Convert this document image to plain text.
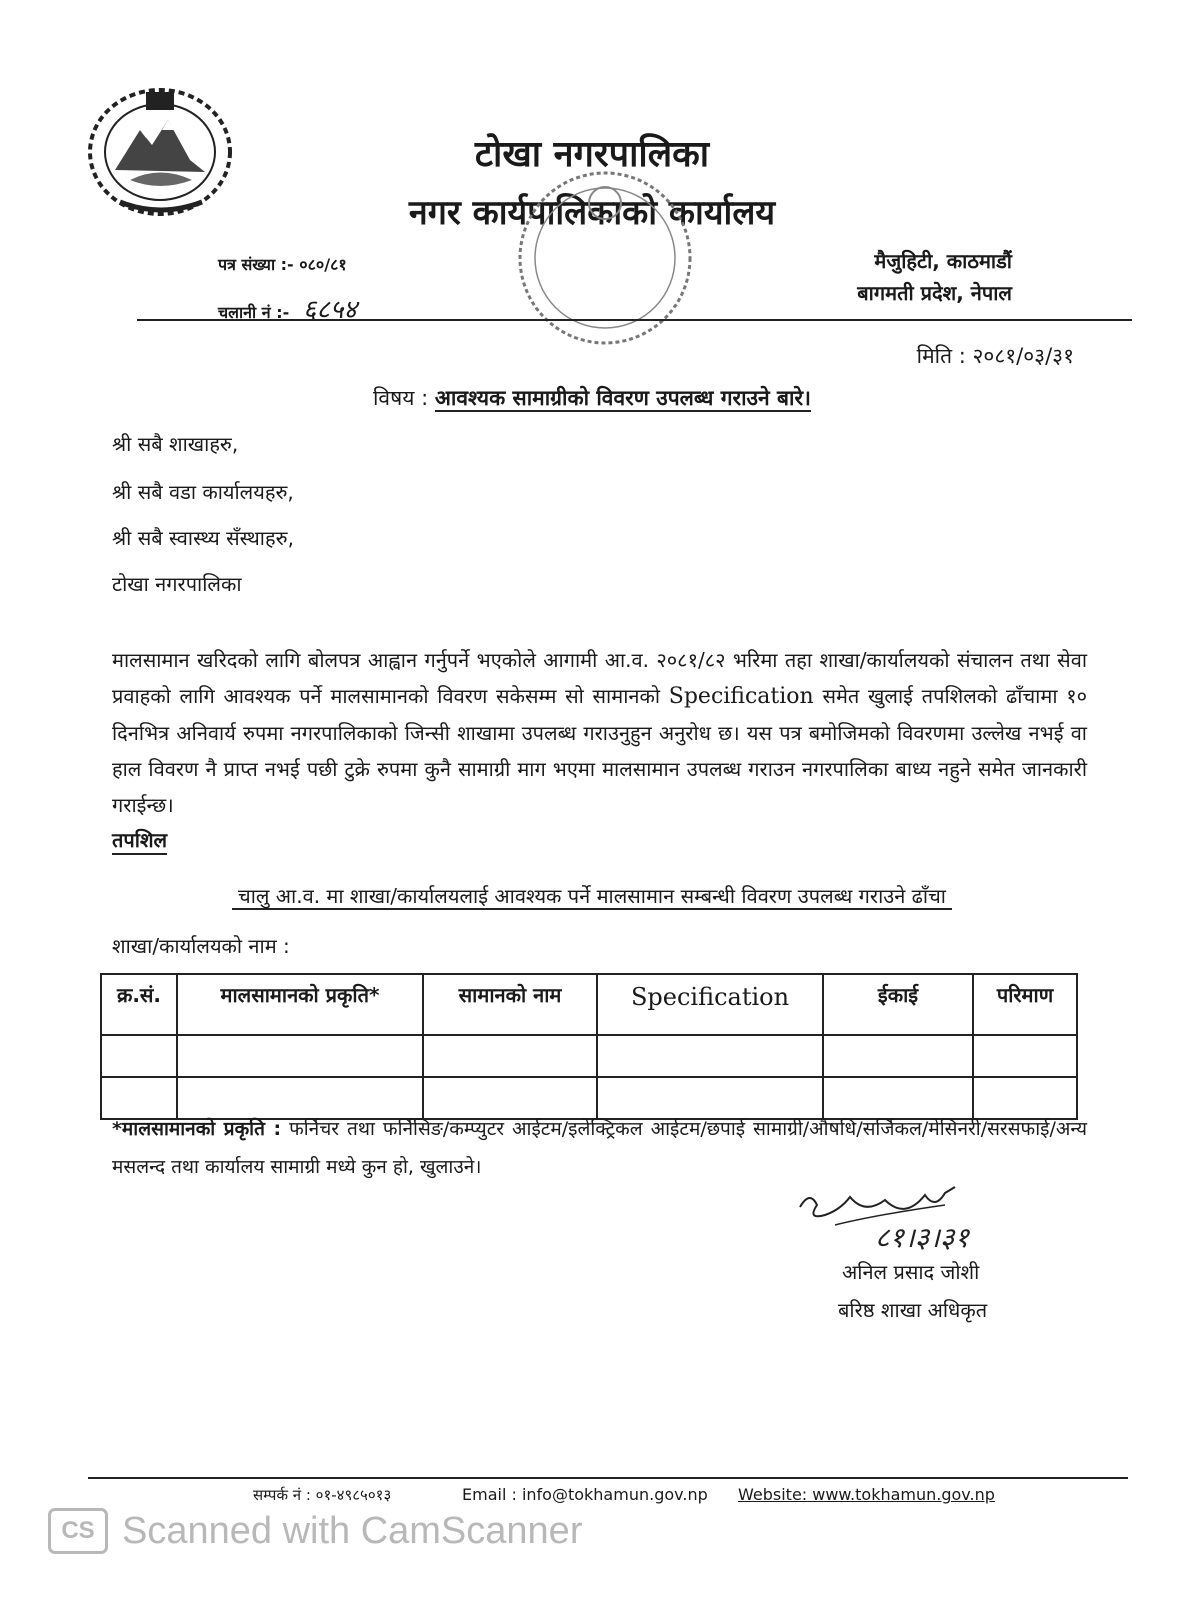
टोखा नगरपालिका
नगर कार्यपालिकाको कार्यालय
पत्र संख्या :- ०८०/८१
चलानी नं :- ६८५४
मैजुहिटी, काठमाडौं
बागमती प्रदेश, नेपाल
मिति : २०८१/०३/३१
विषय : आवश्यक सामाग्रीको विवरण उपलब्ध गराउने बारे।
श्री सबै शाखाहरु,
श्री सबै वडा कार्यालयहरु,
श्री सबै स्वास्थ्य सँस्थाहरु,
टोखा नगरपालिका
मालसामान खरिदको लागि बोलपत्र आह्वान गर्नुपर्ने भएकोले आगामी आ.व. २०८१/८२ भरिमा तहा शाखा/कार्यालयको संचालन तथा सेवा प्रवाहको लागि आवश्यक पर्ने मालसामानको विवरण सकेसम्म सो सामानको Specification समेत खुलाई तपशिलको ढाँचामा १० दिनभित्र अनिवार्य रुपमा नगरपालिकाको जिन्सी शाखामा उपलब्ध गराउनुहुन अनुरोध छ। यस पत्र बमोजिमको विवरणमा उल्लेख नभई वा हाल विवरण नै प्राप्त नभई पछी टुक्रे रुपमा कुनै सामाग्री माग भएमा मालसामान उपलब्ध गराउन नगरपालिका बाध्य नहुने समेत जानकारी गराईन्छ।
तपशिल
चालु आ.व. मा शाखा/कार्यालयलाई आवश्यक पर्ने मालसामान सम्बन्धी विवरण उपलब्ध गराउने ढाँचा
शाखा/कार्यालयको नाम :
क्र.सं.	मालसामानको प्रकृति*	सामानको नाम	Specification	ईकाई	परिमाण

*मालसामानको प्रकृति : फर्निचर तथा फर्निसिङ/कम्प्युटर आईटम/इलेक्ट्रिकल आईटम/छपाई सामाग्री/औषधि/सर्जिकल/मेसिनरी/सरसफाई/अन्य मसलन्द तथा कार्यालय सामाग्री मध्ये कुन हो, खुलाउने।
८१।३।३१
अनिल प्रसाद जोशी
बरिष्ठ शाखा अधिकृत
सम्पर्क नं : ०१-४९८५०१३	Email : info@tokhamun.gov.np Website: www.tokhamun.gov.np
CS Scanned with CamScanner
